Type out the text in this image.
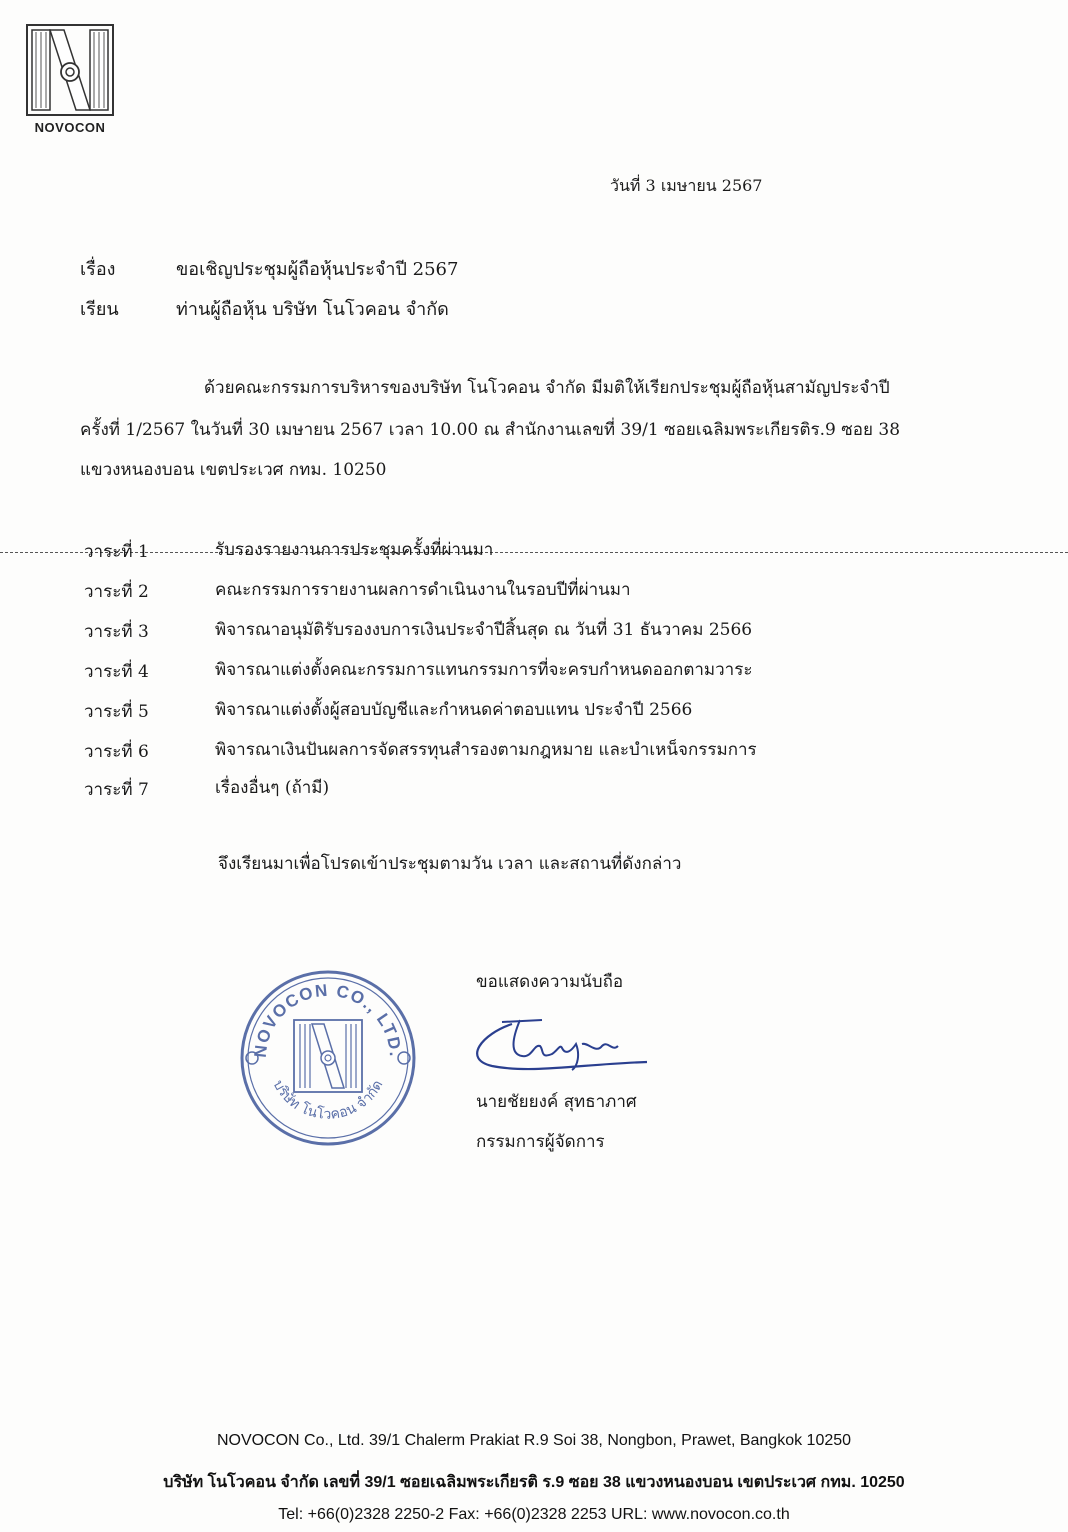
NOVOCON
วันที่ 3 เมษายน 2567
เรื่อง	ขอเชิญประชุมผู้ถือหุ้นประจำปี 2567
เรียน	ท่านผู้ถือหุ้น บริษัท โนโวคอน จำกัด
ด้วยคณะกรรมการบริหารของบริษัท โนโวคอน จำกัด มีมติให้เรียกประชุมผู้ถือหุ้นสามัญประจำปี
ครั้งที่ 1/2567 ในวันที่ 30 เมษายน 2567 เวลา 10.00 ณ สำนักงานเลขที่ 39/1 ซอยเฉลิมพระเกียรติร.9 ซอย 38
แขวงหนองบอน เขตประเวศ กทม. 10250
วาระที่ 1	รับรองรายงานการประชุมครั้งที่ผ่านมา
วาระที่ 2	คณะกรรมการรายงานผลการดำเนินงานในรอบปีที่ผ่านมา
วาระที่ 3	พิจารณาอนุมัติรับรองงบการเงินประจำปีสิ้นสุด ณ วันที่ 31 ธันวาคม 2566
วาระที่ 4	พิจารณาแต่งตั้งคณะกรรมการแทนกรรมการที่จะครบกำหนดออกตามวาระ
วาระที่ 5	พิจารณาแต่งตั้งผู้สอบบัญชีและกำหนดค่าตอบแทน ประจำปี 2566
วาระที่ 6	พิจารณาเงินปันผลการจัดสรรทุนสำรองตามกฎหมาย และบำเหน็จกรรมการ
วาระที่ 7	เรื่องอื่นๆ (ถ้ามี)
จึงเรียนมาเพื่อโปรดเข้าประชุมตามวัน เวลา และสถานที่ดังกล่าว
NOVOCON CO., LTD.
บริษัท โนโวคอน จำกัด
ขอแสดงความนับถือ
นายชัยยงค์ สุทธาภาศ
กรรมการผู้จัดการ
NOVOCON Co., Ltd. 39/1 Chalerm Prakiat R.9 Soi 38, Nongbon, Prawet, Bangkok 10250
บริษัท โนโวคอน จำกัด เลขที่ 39/1 ซอยเฉลิมพระเกียรติ ร.9 ซอย 38 แขวงหนองบอน เขตประเวศ กทม. 10250
Tel: +66(0)2328 2250-2 Fax: +66(0)2328 2253 URL: www.novocon.co.th
